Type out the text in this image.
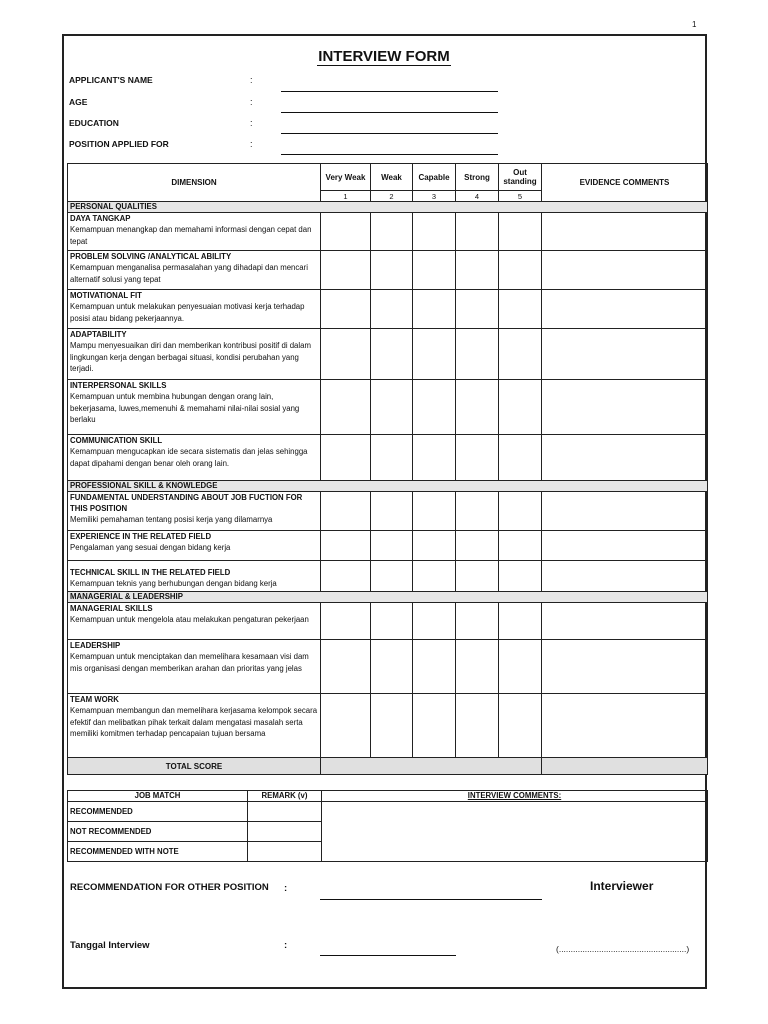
1
INTERVIEW FORM
APPLICANT'S NAME	:
AGE	:
EDUCATION	:
POSITION APPLIED FOR	:
DIMENSION	Very Weak	Weak	Capable	Strong	Out standing	EVIDENCE COMMENTS
	1	2	3	4	5	
PERSONAL QUALITIES						

DAYA TANGKAP
Kemampuan menangkap dan memahami informasi dengan cepat dan tepat						

PROBLEM SOLVING /ANALYTICAL ABILITY
Kemampuan menganalisa permasalahan yang dihadapi dan mencari alternatif solusi yang tepat						

MOTIVATIONAL FIT
Kemampuan untuk melakukan penyesuaian motivasi kerja terhadap posisi atau bidang pekerjaannya.						

ADAPTABILITY
Mampu menyesuaikan diri dan memberikan kontribusi positif di dalam lingkungan kerja dengan berbagai situasi, kondisi perubahan yang terjadi.						

INTERPERSONAL SKILLS
Kemampuan untuk membina hubungan dengan orang lain, bekerjasama, luwes,memenuhi & memahami nilai-nilai sosial yang berlaku						

COMMUNICATION SKILL
Kemampuan mengucapkan ide secara sistematis dan jelas sehingga dapat dipahami dengan benar oleh orang lain.						

PROFESSIONAL SKILL & KNOWLEDGE						

FUNDAMENTAL UNDERSTANDING ABOUT JOB FUCTION FOR THIS POSITION
Memiliki pemahaman tentang posisi kerja yang dilamarnya						

EXPERIENCE IN THE RELATED FIELD
Pengalaman yang sesuai dengan bidang kerja						

TECHNICAL SKILL IN THE RELATED FIELD
Kemampuan teknis yang berhubungan dengan bidang kerja						

MANAGERIAL & LEADERSHIP						

MANAGERIAL SKILLS
Kemampuan untuk mengelola atau melakukan pengaturan pekerjaan						

LEADERSHIP
Kemampuan untuk menciptakan dan memelihara kesamaan visi dam mis organisasi dengan memberikan arahan dan prioritas yang jelas						

TEAM WORK
Kemampuan membangun dan memelihara kerjasama kelompok secara efektif dan melibatkan pihak terkait dalam mengatasi masalah serta memiliki komitmen terhadap pencapaian tujuan bersama						

TOTAL SCORE						
JOB MATCH	REMARK (v)	INTERVIEW COMMENTS:
RECOMMENDED		
NOT RECOMMENDED		
RECOMMENDED WITH NOTE		
RECOMMENDATION FOR OTHER POSITION :	Interviewer
Tanggal Interview	:	(......................................................)
